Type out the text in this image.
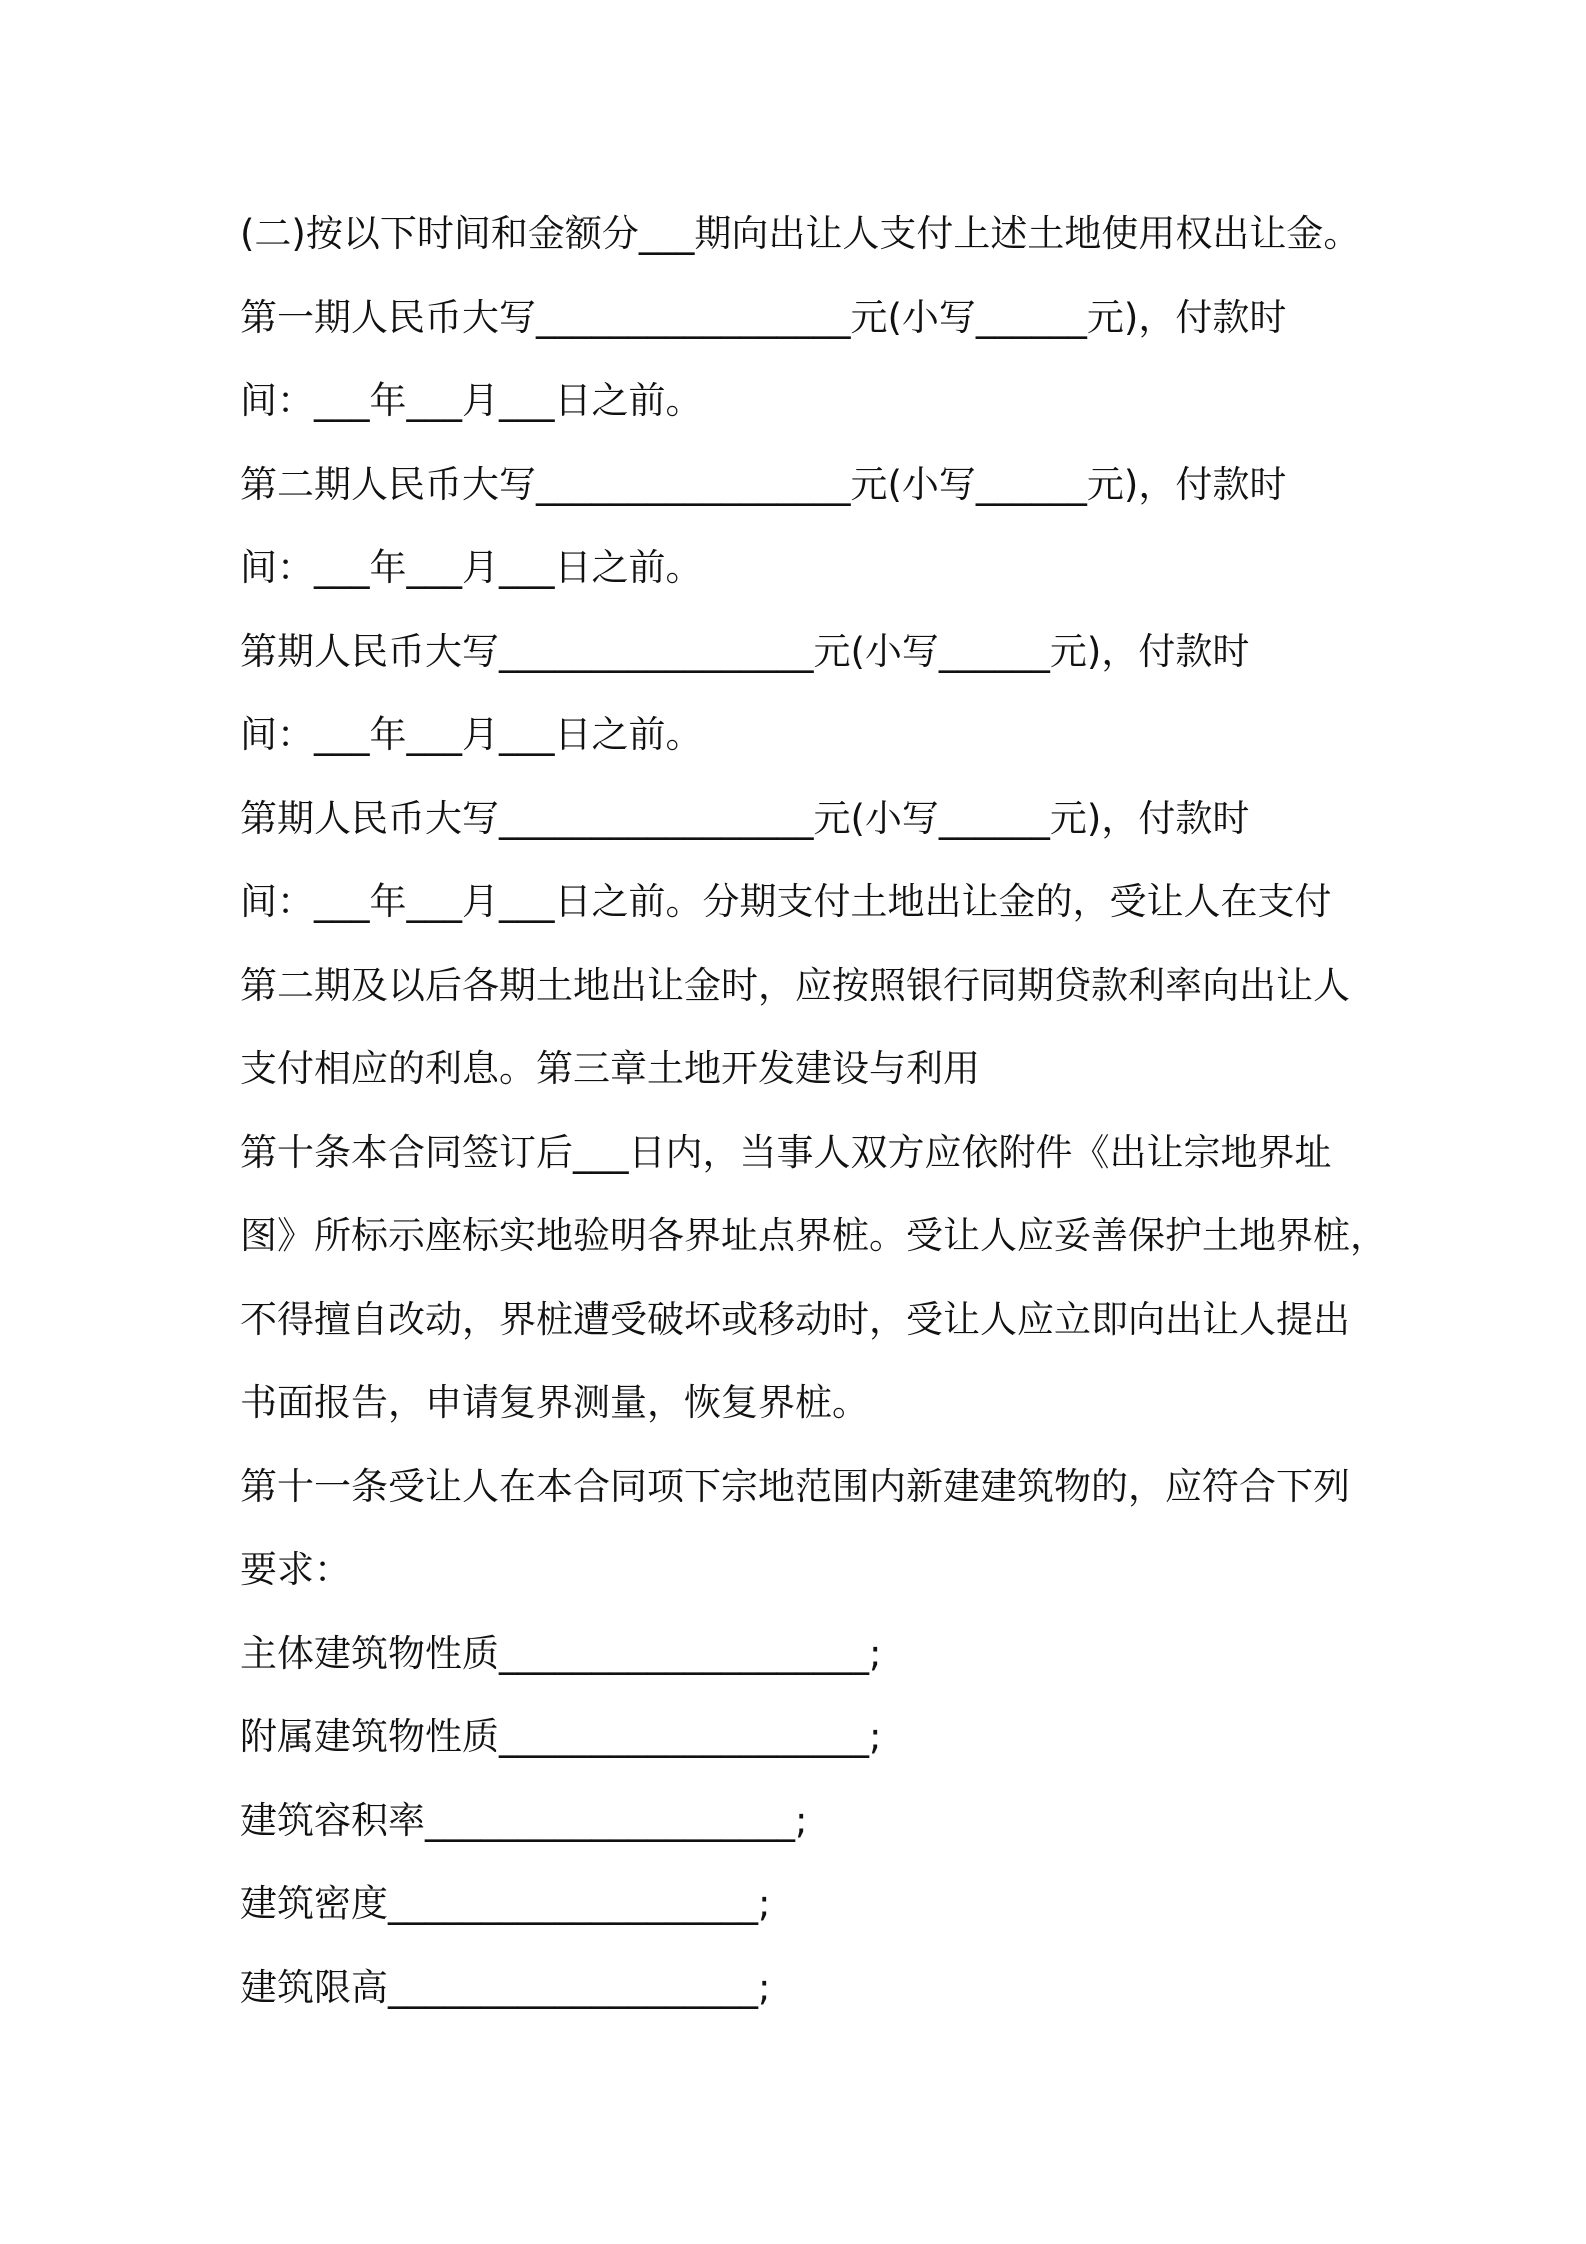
(二)按以下时间和金额分___期向出让人支付上述土地使用权出让金。
第一期人民币大写_________________元(小写______元)，付款时
间：___年___月___日之前。
第二期人民币大写_________________元(小写______元)，付款时
间：___年___月___日之前。
第期人民币大写_________________元(小写______元)，付款时
间：___年___月___日之前。
第期人民币大写_________________元(小写______元)，付款时
间：___年___月___日之前。分期支付土地出让金的，受让人在支付
第二期及以后各期土地出让金时，应按照银行同期贷款利率向出让人
支付相应的利息。第三章土地开发建设与利用
第十条本合同签订后___日内，当事人双方应依附件《出让宗地界址
图》所标示座标实地验明各界址点界桩。受让人应妥善保护土地界桩，
不得擅自改动，界桩遭受破坏或移动时，受让人应立即向出让人提出
书面报告，申请复界测量，恢复界桩。
第十一条受让人在本合同项下宗地范围内新建建筑物的，应符合下列
要求：
主体建筑物性质____________________;
附属建筑物性质____________________;
建筑容积率____________________;
建筑密度____________________;
建筑限高____________________;
